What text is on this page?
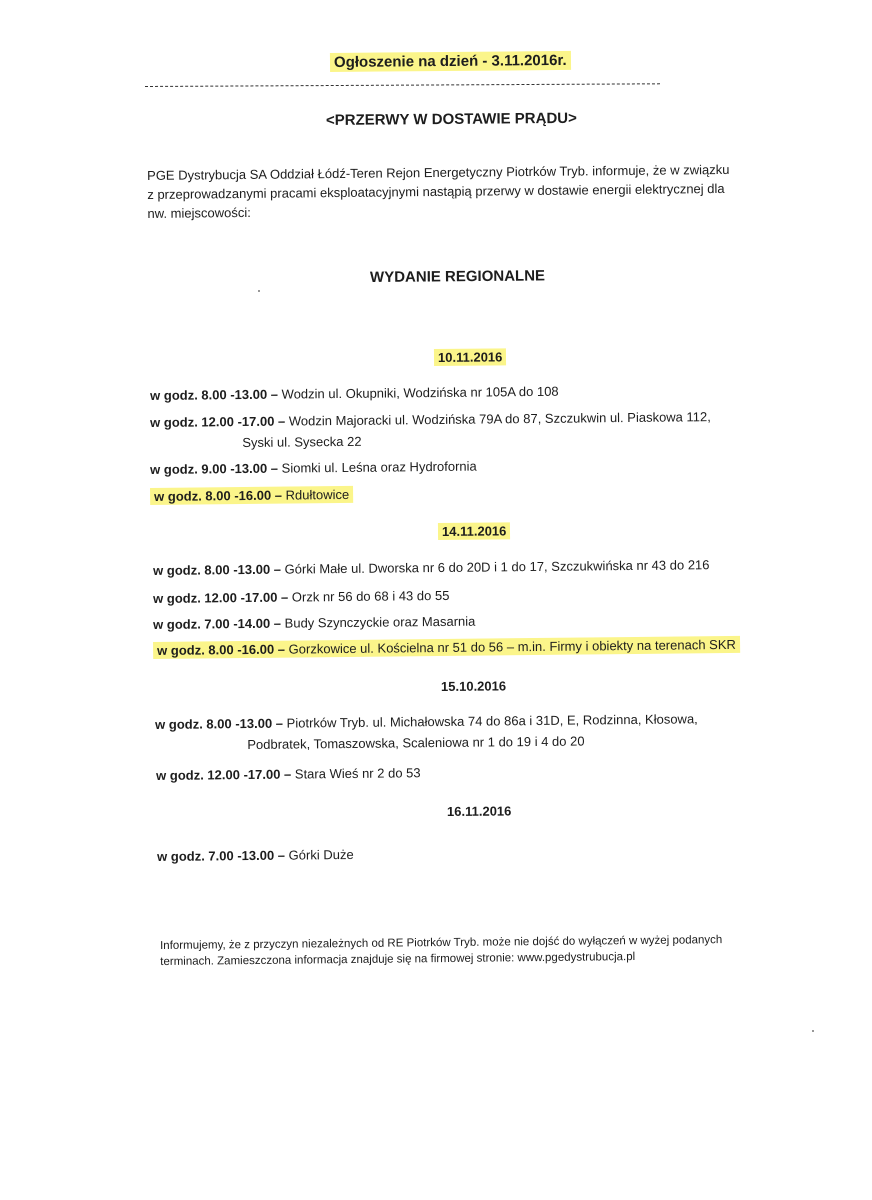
Ogłoszenie na dzień - 3.11.2016r.
<PRZERWY W DOSTAWIE PRĄDU>
PGE Dystrybucja SA Oddział Łódź-Teren Rejon Energetyczny Piotrków Tryb. informuje, że w związku
z przeprowadzanymi pracami eksploatacyjnymi nastąpią przerwy w dostawie energii elektrycznej dla
nw. miejscowości:
WYDANIE REGIONALNE
10.11.2016
w godz. 8.00 -13.00 – Wodzin ul. Okupniki, Wodzińska nr 105A do 108
w godz. 12.00 -17.00 – Wodzin Majoracki ul. Wodzińska 79A do 87, Szczukwin ul. Piaskowa 112,
Syski ul. Sysecka 22
w godz. 9.00 -13.00 – Siomki ul. Leśna oraz Hydrofornia
w godz. 8.00 -16.00 – Rdułtowice
14.11.2016
w godz. 8.00 -13.00 – Górki Małe ul. Dworska nr 6 do 20D i 1 do 17, Szczukwińska nr 43 do 216
w godz. 12.00 -17.00 – Orzk nr 56 do 68 i 43 do 55
w godz. 7.00 -14.00 – Budy Szynczyckie oraz Masarnia
w godz. 8.00 -16.00 – Gorzkowice ul. Kościelna nr 51 do 56 – m.in. Firmy i obiekty na terenach SKR
15.10.2016
w godz. 8.00 -13.00 – Piotrków Tryb. ul. Michałowska 74 do 86a i 31D, E, Rodzinna, Kłosowa,
Podbratek, Tomaszowska, Scaleniowa nr 1 do 19 i 4 do 20
w godz. 12.00 -17.00 – Stara Wieś nr 2 do 53
16.11.2016
w godz. 7.00 -13.00 – Górki Duże
Informujemy, że z przyczyn niezależnych od RE Piotrków Tryb. może nie dojść do wyłączeń w wyżej podanych
terminach. Zamieszczona informacja znajduje się na firmowej stronie: www.pgedystrubucja.pl
